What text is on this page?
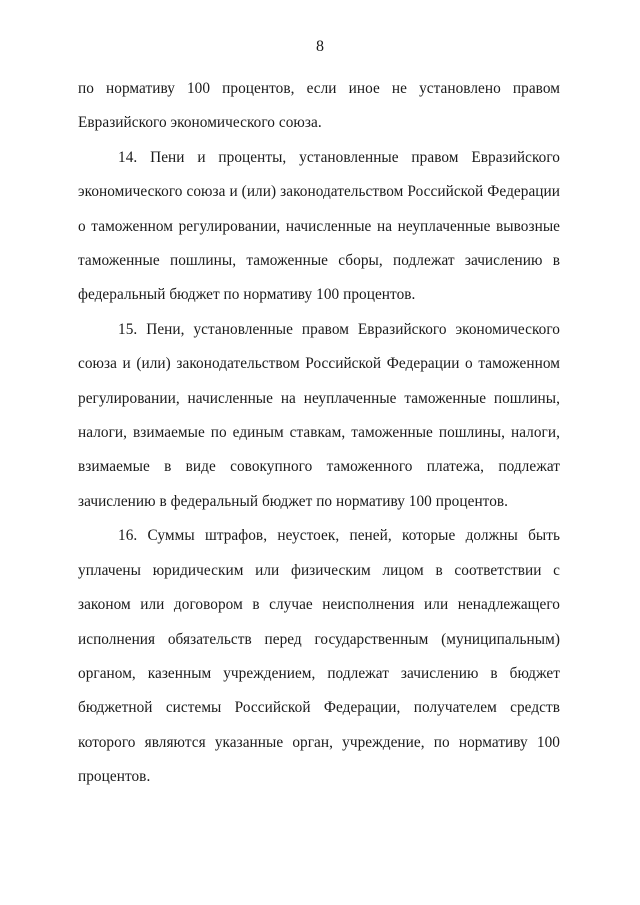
8

по нормативу 100 процентов, если иное не установлено правом Евразийского экономического союза.

14. Пени и проценты, установленные правом Евразийского экономического союза и (или) законодательством Российской Федерации о таможенном регулировании, начисленные на неуплаченные вывозные таможенные пошлины, таможенные сборы, подлежат зачислению в федеральный бюджет по нормативу 100 процентов.

15. Пени, установленные правом Евразийского экономического союза и (или) законодательством Российской Федерации о таможенном регулировании, начисленные на неуплаченные таможенные пошлины, налоги, взимаемые по единым ставкам, таможенные пошлины, налоги, взимаемые в виде совокупного таможенного платежа, подлежат зачислению в федеральный бюджет по нормативу 100 процентов.

16. Суммы штрафов, неустоек, пеней, которые должны быть уплачены юридическим или физическим лицом в соответствии с законом или договором в случае неисполнения или ненадлежащего исполнения обязательств перед государственным (муниципальным) органом, казенным учреждением, подлежат зачислению в бюджет бюджетной системы Российской Федерации, получателем средств которого являются указанные орган, учреждение, по нормативу 100 процентов.
